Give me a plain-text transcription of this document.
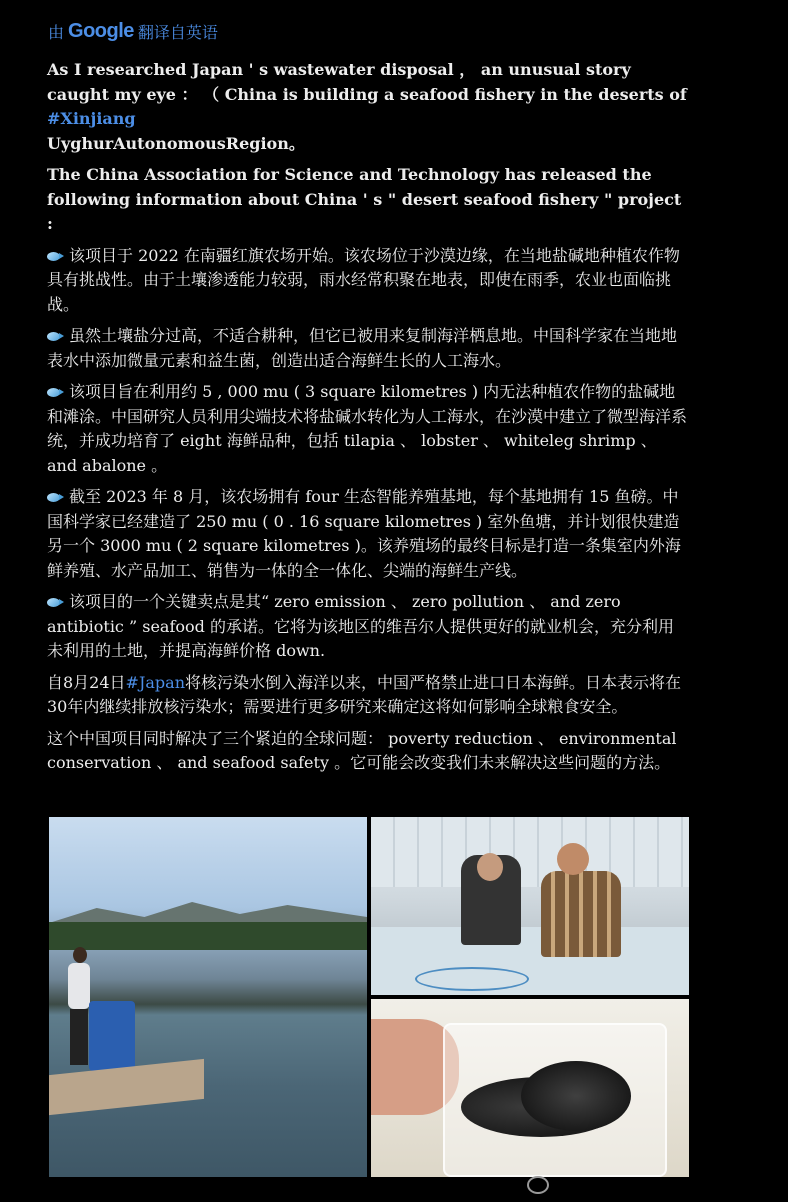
由 Google 翻译自英语

As I researched Japan ' s wastewater disposal ， an unusual story caught my eye ： （ China is building a seafood fishery in the deserts of #Xinjiang
UyghurAutonomousRegion。

The China Association for Science and Technology has released the following information about China ' s " desert seafood fishery " project :

该项目于 2022 在南疆红旗农场开始。该农场位于沙漠边缘，在当地盐碱地种植农作物具有挑战性。由于土壤渗透能力较弱，雨水经常积聚在地表，即使在雨季，农业也面临挑战。

虽然土壤盐分过高，不适合耕种，但它已被用来复制海洋栖息地。中国科学家在当地地表水中添加微量元素和益生菌，创造出适合海鲜生长的人工海水。

该项目旨在利用约 5 , 000 mu ( 3 square kilometres ) 内无法种植农作物的盐碱地和滩涂。中国研究人员利用尖端技术将盐碱水转化为人工海水，在沙漠中建立了微型海洋系统，并成功培育了 eight 海鲜品种，包括 tilapia 、 lobster 、 whiteleg shrimp 、 and abalone 。

截至 2023 年 8 月，该农场拥有 four 生态智能养殖基地，每个基地拥有 15 鱼磅。中国科学家已经建造了 250 mu ( 0 . 16 square kilometres ) 室外鱼塘，并计划很快建造另一个 3000 mu ( 2 square kilometres )。该养殖场的最终目标是打造一条集室内外海鲜养殖、水产品加工、销售为一体的全一体化、尖端的海鲜生产线。

该项目的一个关键卖点是其“ zero emission 、 zero pollution 、 and zero antibiotic ” seafood 的承诺。它将为该地区的维吾尔人提供更好的就业机会，充分利用未利用的土地，并提高海鲜价格 down.

自8月24日#Japan将核污染水倒入海洋以来，中国严格禁止进口日本海鲜。日本表示将在30年内继续排放核污染水；需要进行更多研究来确定这将如何影响全球粮食安全。

这个中国项目同时解决了三个紧迫的全球问题： poverty reduction 、 environmental conservation 、 and seafood safety 。它可能会改变我们未来解决这些问题的方法。
